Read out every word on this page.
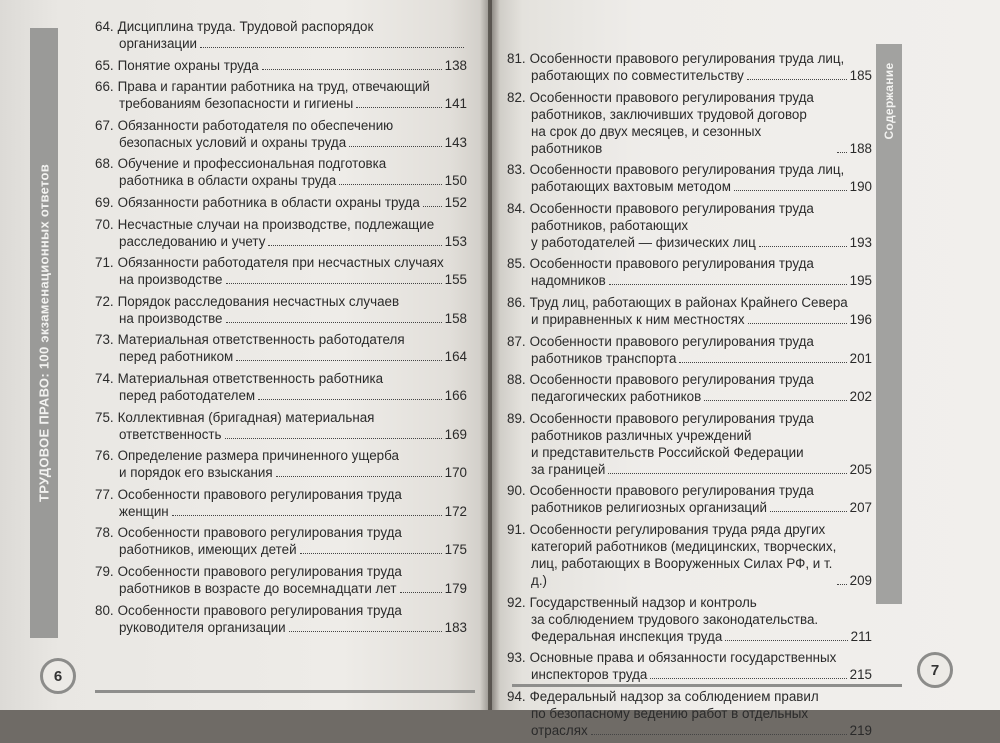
ТРУДОВОЕ ПРАВО: 100 экзаменационных ответов
64. Дисциплина труда. Трудовой распорядок
организации
65. Понятие охраны труда	138
66. Права и гарантии работника на труд, отвечающий
требованиям безопасности и гигиены	141
67. Обязанности работодателя по обеспечению
безопасных условий и охраны труда	143
68. Обучение и профессиональная подготовка
работника в области охраны труда	150
69. Обязанности работника в области охраны труда 152
70. Несчастные случаи на производстве, подлежащие
расследованию и учету	153
71. Обязанности работодателя при несчастных случаях
на производстве	155
72. Порядок расследования несчастных случаев
на производстве	158
73. Материальная ответственность работодателя
перед работником	164
74. Материальная ответственность работника
перед работодателем	166
75. Коллективная (бригадная) материальная
ответственность	169
76. Определение размера причиненного ущерба
и порядок его взыскания	170
77. Особенности правового регулирования труда
женщин	172
78. Особенности правового регулирования труда
работников, имеющих детей	175
79. Особенности правового регулирования труда
работников в возрасте до восемнадцати лет	179
80. Особенности правового регулирования труда
руководителя организации	183
6
Содержание
81. Особенности правового регулирования труда лиц,
работающих по совместительству	185
82. Особенности правового регулирования труда
работников, заключивших трудовой договор
на срок до двух месяцев, и сезонных работников	188
83. Особенности правового регулирования труда лиц,
работающих вахтовым методом	190
84. Особенности правового регулирования труда
работников, работающих
у работодателей — физических лиц	193
85. Особенности правового регулирования труда
надомников	195
86. Труд лиц, работающих в районах Крайнего Севера
и приравненных к ним местностях	196
87. Особенности правового регулирования труда
работников транспорта	201
88. Особенности правового регулирования труда
педагогических работников	202
89. Особенности правового регулирования труда
работников различных учреждений
и представительств Российской Федерации
за границей	205
90. Особенности правового регулирования труда
работников религиозных организаций	207
91. Особенности регулирования труда ряда других
категорий работников (медицинских, творческих,
лиц, работающих в Вооруженных Силах РФ, и т. д.)	209
92. Государственный надзор и контроль
за соблюдением трудового законодательства.
Федеральная инспекция труда	211
93. Основные права и обязанности государственных
инспекторов труда	215
94. Федеральный надзор за соблюдением правил
по безопасному ведению работ в отдельных
отраслях	219
7
